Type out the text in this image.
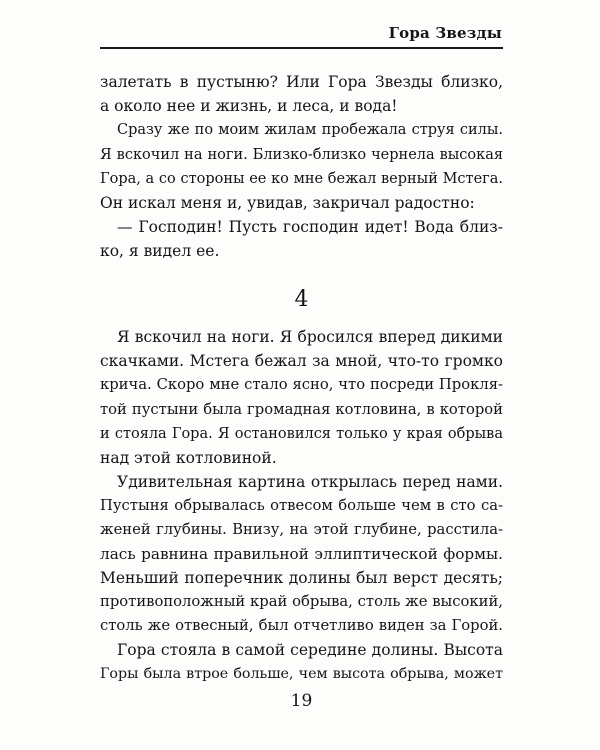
Гора Звезды
залетать в пустыню? Или Гора Звезды близко,
а около нее и жизнь, и леса, и вода!
Сразу же по моим жилам пробежала струя силы.
Я вскочил на ноги. Близко-близко чернела высокая
Гора, а со стороны ее ко мне бежал верный Мстега.
Он искал меня и, увидав, закричал радостно:
— Господин! Пусть господин идет! Вода близ-
ко, я видел ее.
4
Я вскочил на ноги. Я бросился вперед дикими
скачками. Мстега бежал за мной, что-то громко
крича. Скоро мне стало ясно, что посреди Прокля-
той пустыни была громадная котловина, в которой
и стояла Гора. Я остановился только у края обрыва
над этой котловиной.
Удивительная картина открылась перед нами.
Пустыня обрывалась отвесом больше чем в сто са-
женей глубины. Внизу, на этой глубине, расстила-
лась равнина правильной эллиптической формы.
Меньший поперечник долины был верст десять;
противоположный край обрыва, столь же высокий,
столь же отвесный, был отчетливо виден за Горой.
Гора стояла в самой середине долины. Высота
Горы была втрое больше, чем высота обрыва, может
19
